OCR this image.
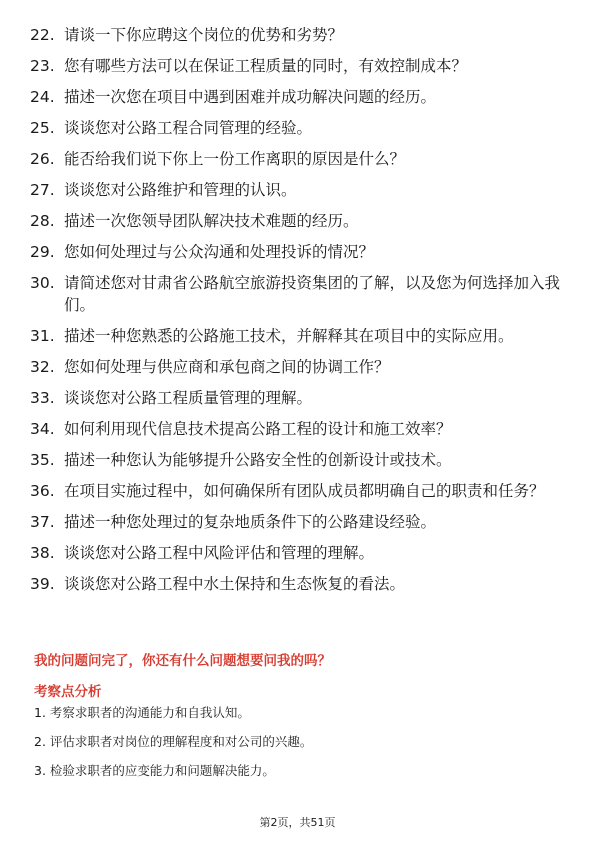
22. 请谈一下你应聘这个岗位的优势和劣势？
23. 您有哪些方法可以在保证工程质量的同时，有效控制成本？
24. 描述一次您在项目中遇到困难并成功解决问题的经历。
25. 谈谈您对公路工程合同管理的经验。
26. 能否给我们说下你上一份工作离职的原因是什么？
27. 谈谈您对公路维护和管理的认识。
28. 描述一次您领导团队解决技术难题的经历。
29. 您如何处理过与公众沟通和处理投诉的情况？
30. 请简述您对甘肃省公路航空旅游投资集团的了解，以及您为何选择加入我们。
31. 描述一种您熟悉的公路施工技术，并解释其在项目中的实际应用。
32. 您如何处理与供应商和承包商之间的协调工作？
33. 谈谈您对公路工程质量管理的理解。
34. 如何利用现代信息技术提高公路工程的设计和施工效率？
35. 描述一种您认为能够提升公路安全性的创新设计或技术。
36. 在项目实施过程中，如何确保所有团队成员都明确自己的职责和任务？
37. 描述一种您处理过的复杂地质条件下的公路建设经验。
38. 谈谈您对公路工程中风险评估和管理的理解。
39. 谈谈您对公路工程中水土保持和生态恢复的看法。

我的问题问完了，你还有什么问题想要问我的吗？

考察点分析

1. 考察求职者的沟通能力和自我认知。
2. 评估求职者对岗位的理解程度和对公司的兴趣。
3. 检验求职者的应变能力和问题解决能力。
第2页，共51页
